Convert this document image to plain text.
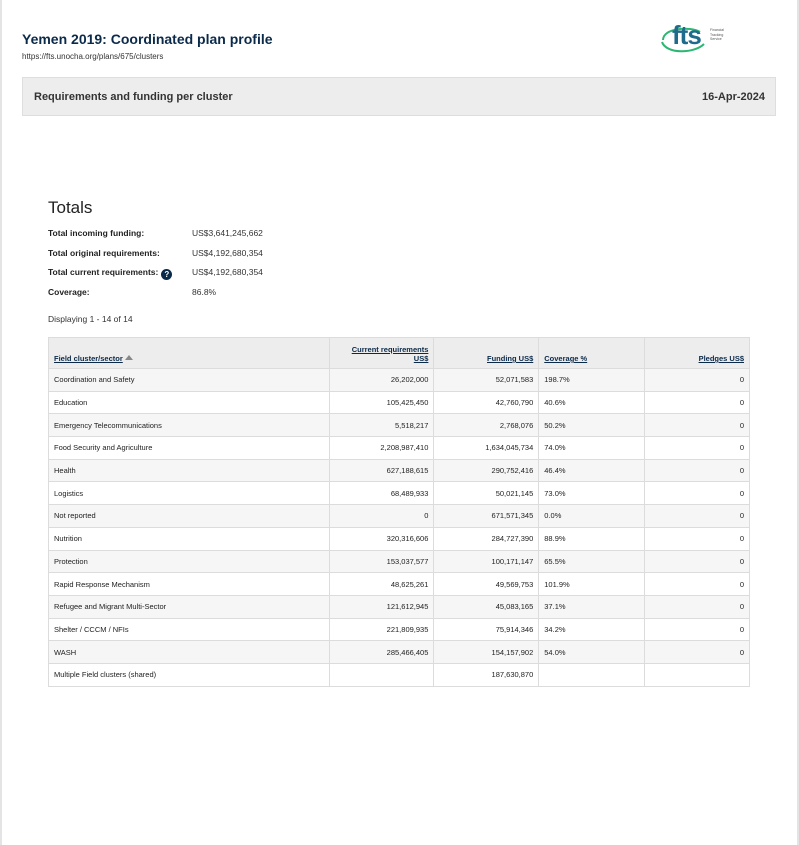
Yemen 2019: Coordinated plan profile
https://fts.unocha.org/plans/675/clusters
fts	Financial
Tracking
Service
Requirements and funding per cluster	16-Apr-2024
Totals
Total incoming funding:	US$3,641,245,662
Total original requirements:	US$4,192,680,354
Total current requirements: ?	US$4,192,680,354
Coverage:	86.8%
Displaying 1 - 14 of 14
Field cluster/sector	Current requirements
US$	Funding US$	Coverage %	Pledges US$
Coordination and Safety	26,202,000	52,071,583	198.7%	0
Education	105,425,450	42,760,790	40.6%	0
Emergency Telecommunications	5,518,217	2,768,076	50.2%	0
Food Security and Agriculture	2,208,987,410	1,634,045,734	74.0%	0
Health	627,188,615	290,752,416	46.4%	0
Logistics	68,489,933	50,021,145	73.0%	0
Not reported	0	671,571,345	0.0%	0
Nutrition	320,316,606	284,727,390	88.9%	0
Protection	153,037,577	100,171,147	65.5%	0
Rapid Response Mechanism	48,625,261	49,569,753	101.9%	0
Refugee and Migrant Multi-Sector	121,612,945	45,083,165	37.1%	0
Shelter / CCCM / NFIs	221,809,935	75,914,346	34.2%	0
WASH	285,466,405	154,157,902	54.0%	0
Multiple Field clusters (shared)		187,630,870		
